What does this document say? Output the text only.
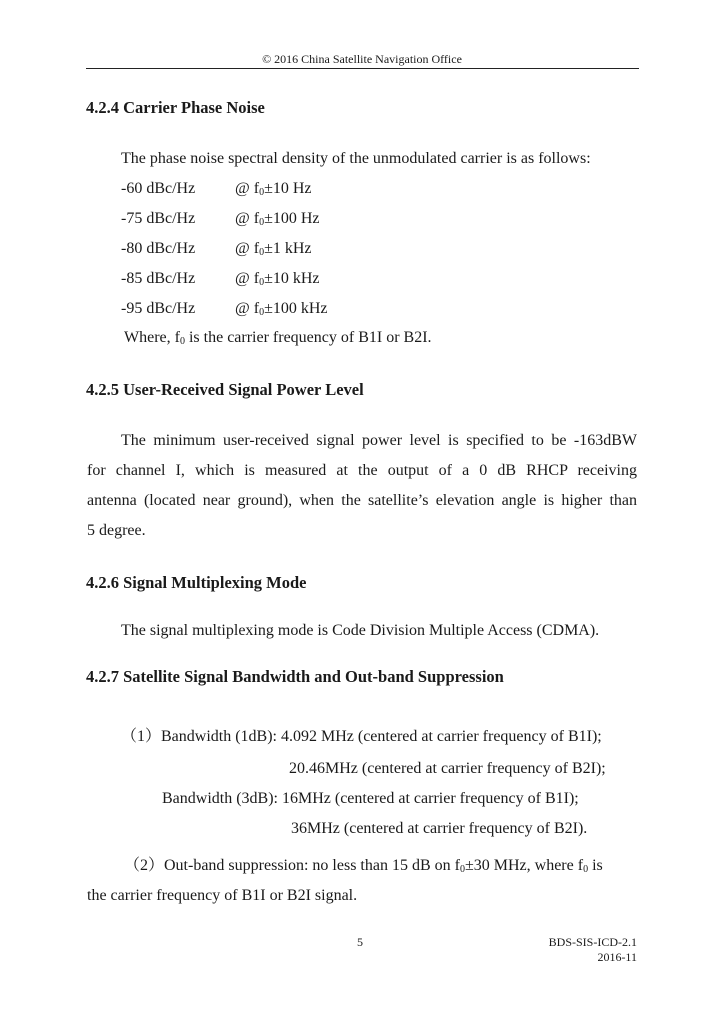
© 2016 China Satellite Navigation Office
4.2.4 Carrier Phase Noise
The phase noise spectral density of the unmodulated carrier is as follows:
-60 dBc/Hz @ $f_0\pm 10$ Hz
-75 dBc/Hz @ $f_0\pm 100$ Hz
-80 dBc/Hz @ $f_0\pm 1$ kHz
-85 dBc/Hz @ $f_0\pm 10$ kHz
-95 dBc/Hz @ $f_0\pm 100$ kHz
Where, $f_0$ is the carrier frequency of B1I or B2I.
4.2.5 User-Received Signal Power Level
The minimum user-received signal power level is specified to be -163dBW
for channel I, which is measured at the output of a 0 dB RHCP receiving
antenna (located near ground), when the satellite’s elevation angle is higher than
5 degree.
4.2.6 Signal Multiplexing Mode
The signal multiplexing mode is Code Division Multiple Access (CDMA).
4.2.7 Satellite Signal Bandwidth and Out-band Suppression
（1）Bandwidth (1dB): 4.092 MHz (centered at carrier frequency of B1I);
20.46MHz (centered at carrier frequency of B2I);
Bandwidth (3dB): 16MHz (centered at carrier frequency of B1I);
36MHz (centered at carrier frequency of B2I).
（2）Out-band suppression: no less than 15 dB on $f_0\pm 30$ MHz, where $f_0$ is
the carrier frequency of B1I or B2I signal.
5	BDS-SIS-ICD-2.1
2016-11
